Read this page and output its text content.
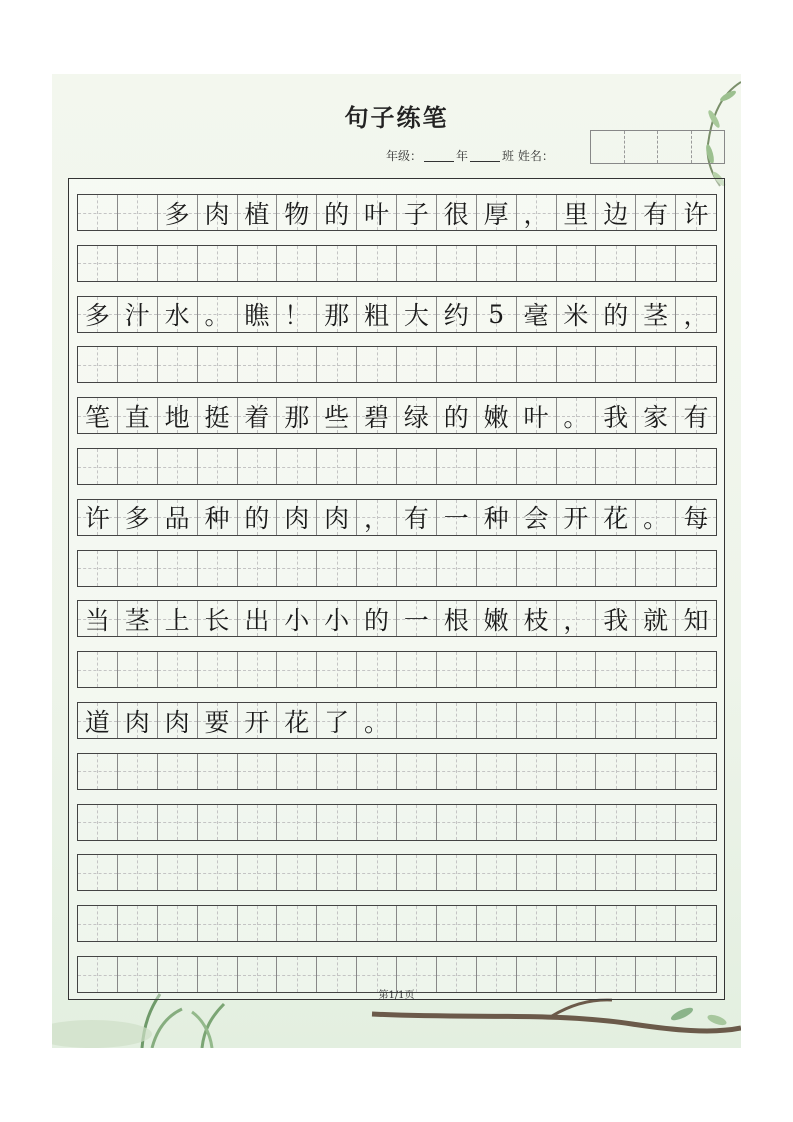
句子练笔
年级：	年	班 姓名：
多 肉 植 物 的 叶 子 很 厚 ， 里 边 有 许
多 汁 水 。 瞧 ！ 那 粗 大 约 5 毫 米 的 茎 ，
笔 直 地 挺 着 那 些 碧 绿 的 嫩 叶 。 我 家 有
许 多 品 种 的 肉 肉 ， 有 一 种 会 开 花 。 每
当 茎 上 长 出 小 小 的 一 根 嫩 枝 ， 我 就 知
道 肉 肉 要 开 花 了 。
第1/1页
